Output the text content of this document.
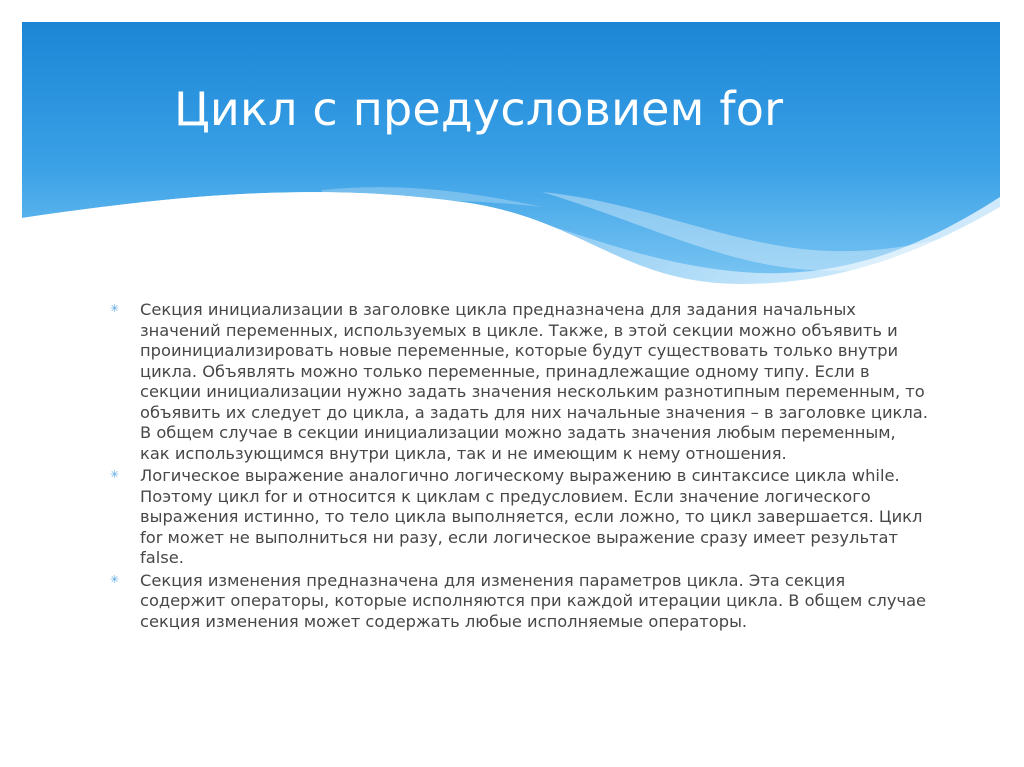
Цикл с предусловием for
✳ Секция инициализации в заголовке цикла предназначена для задания начальных значений переменных, используемых в цикле. Также, в этой секции можно объявить и проинициализировать новые переменные, которые будут существовать только внутри цикла. Объявлять можно только переменные, принадлежащие одному типу. Если в секции инициализации нужно задать значения нескольким разнотипным переменным, то объявить их следует до цикла, а задать для них начальные значения – в заголовке цикла. В общем случае в секции инициализации можно задать значения любым переменным, как использующимся внутри цикла, так и не имеющим к нему отношения.
✳ Логическое выражение аналогично логическому выражению в синтаксисе цикла while. Поэтому цикл for и относится к циклам с предусловием. Если значение логического выражения истинно, то тело цикла выполняется, если ложно, то цикл завершается. Цикл for может не выполниться ни разу, если логическое выражение сразу имеет результат false.
✳ Секция изменения предназначена для изменения параметров цикла. Эта секция содержит операторы, которые исполняются при каждой итерации цикла. В общем случае секция изменения может содержать любые исполняемые операторы.
